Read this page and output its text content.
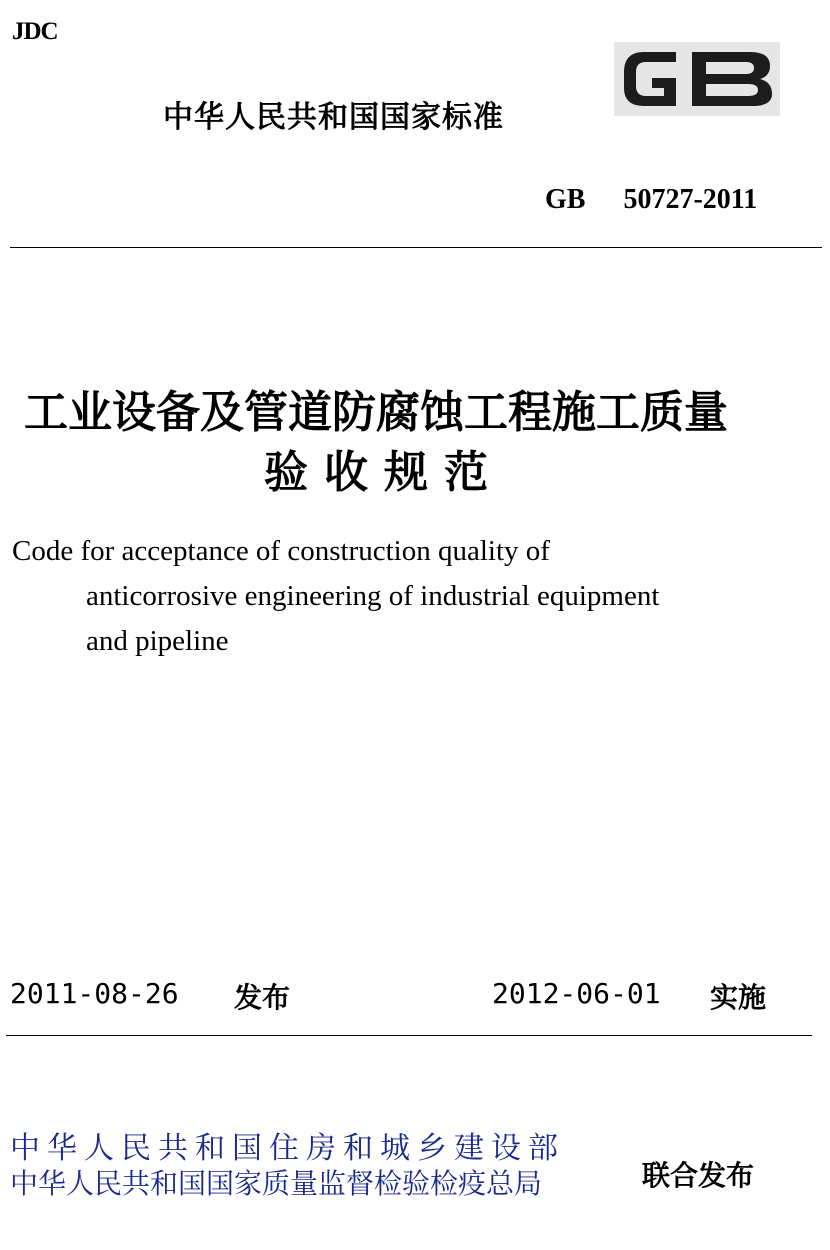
JDC
中华人民共和国国家标准
GB 50727-2011
工业设备及管道防腐蚀工程施工质量
验收规范
Code for acceptance of construction quality of
anticorrosive engineering of industrial equipment
and pipeline
2011-08-26 发布	2012-06-01 实施
中华人民共和国住房和城乡建设部
中华人民共和国国家质量监督检验检疫总局	联合发布
